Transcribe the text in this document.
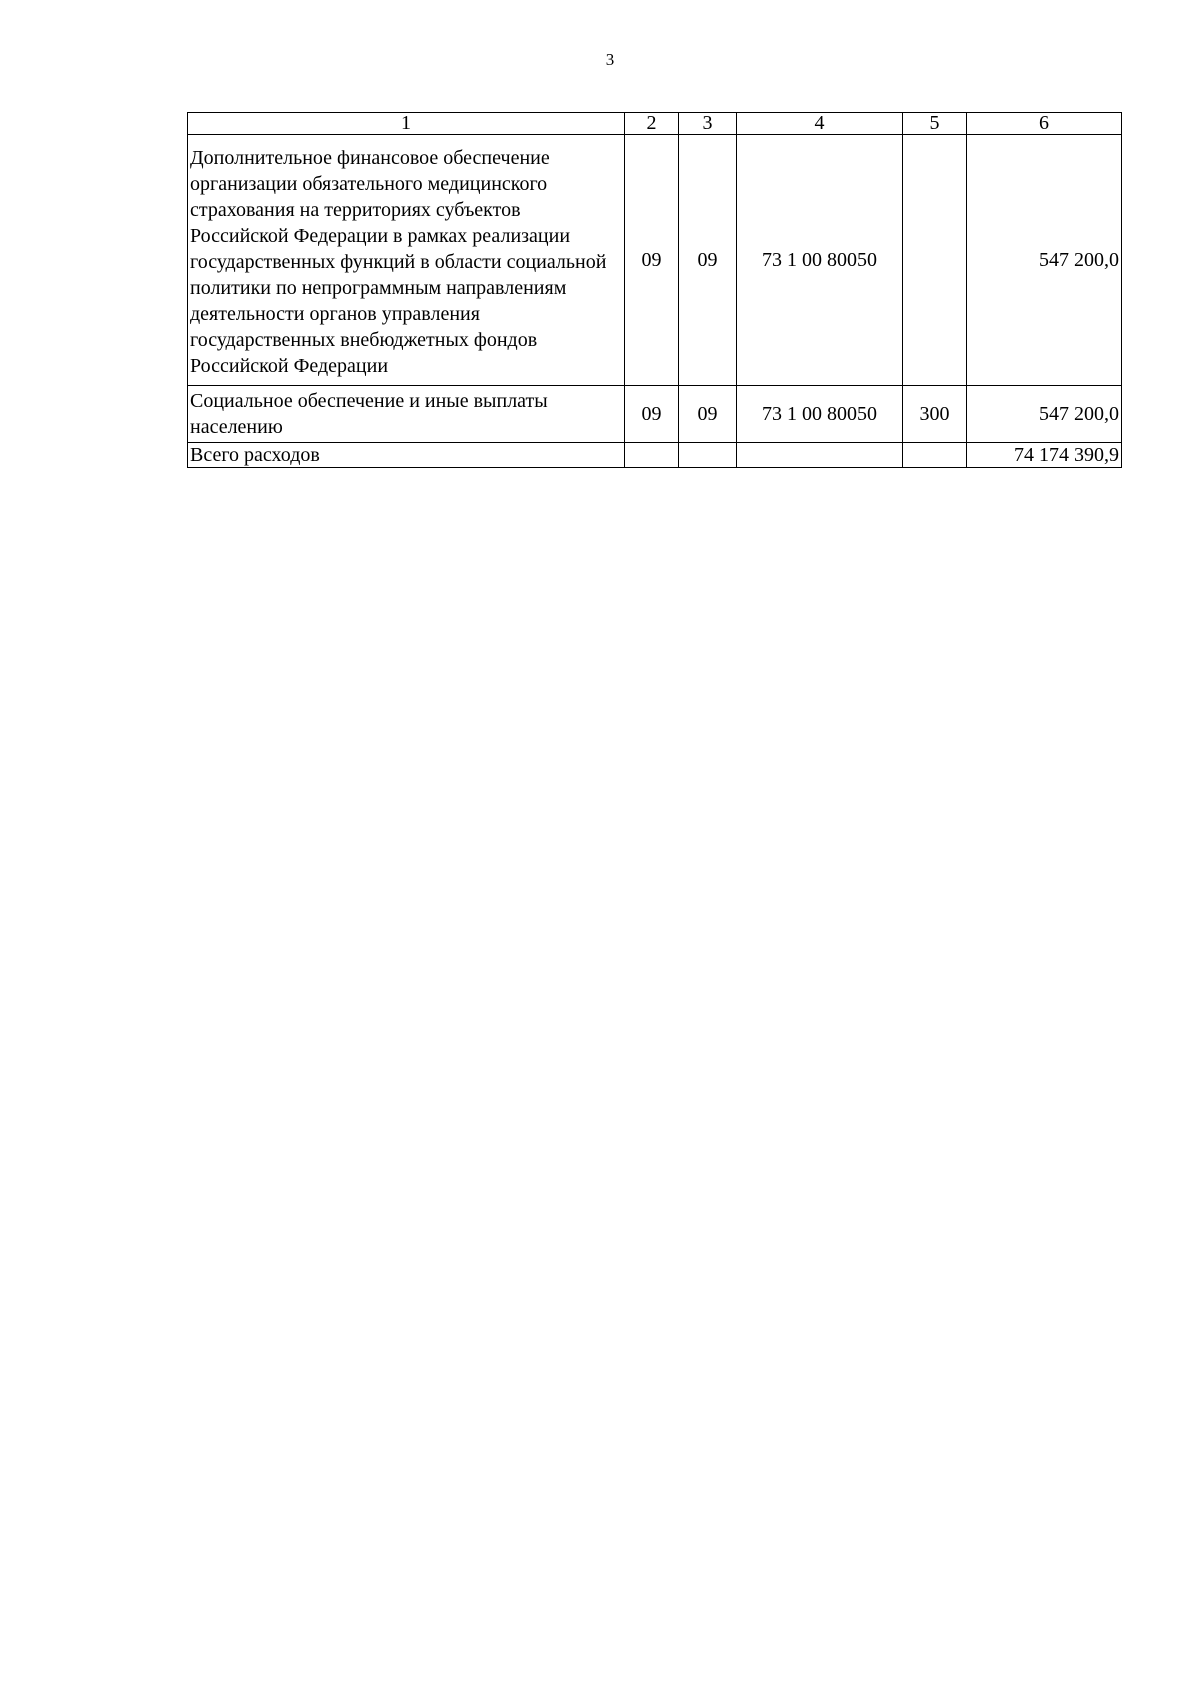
3
1	2	3	4	5	6
Дополнительное финансовое обеспечение организации обязательного медицинского страхования на территориях субъектов Российской Федерации в рамках реализации государственных функций в области социальной политики по непрограммным направлениям деятельности органов управления государственных внебюджетных фондов Российской Федерации	09	09	73 1 00 80050		547 200,0
Социальное обеспечение и иные выплаты населению	09	09	73 1 00 80050	300	547 200,0
Всего расходов					74 174 390,9
